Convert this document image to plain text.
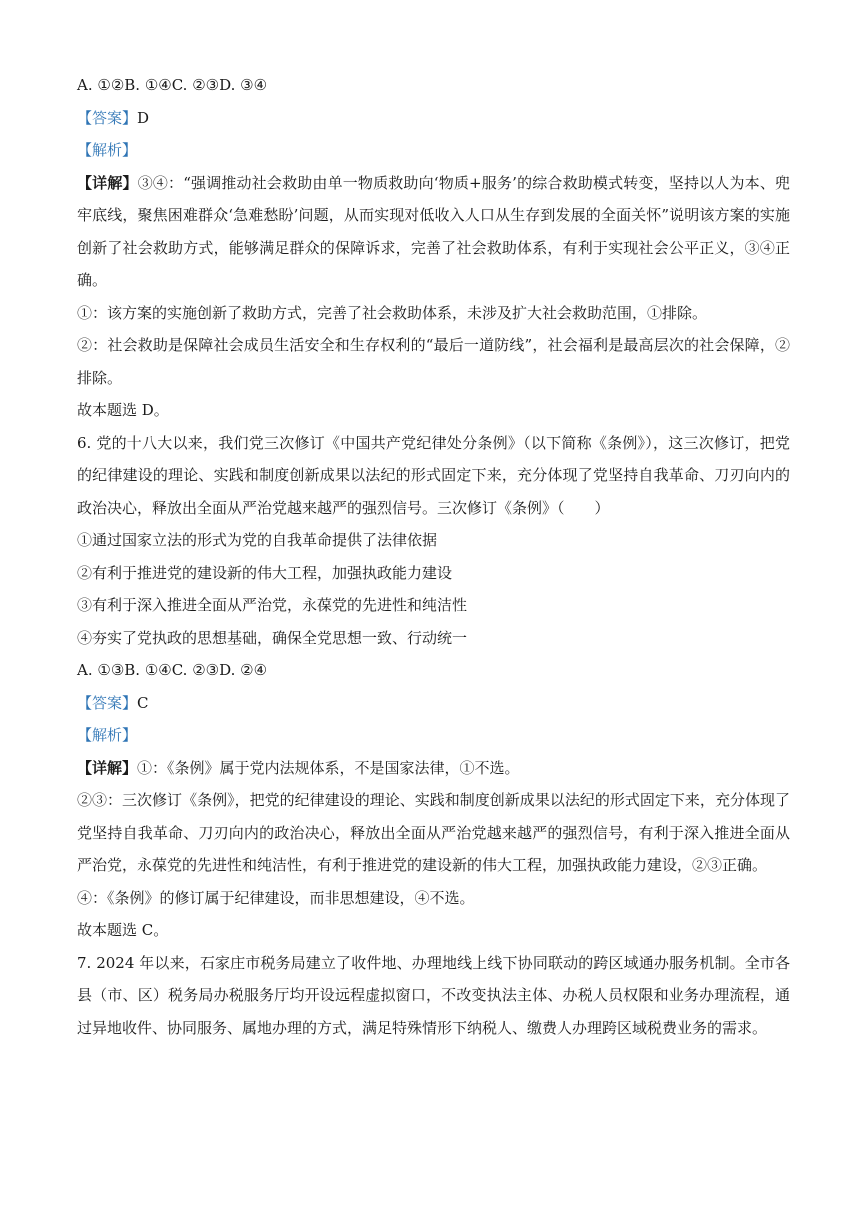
A. ①②B. ①④C. ②③D. ③④
【答案】D
【解析】

【详解】③④：“强调推动社会救助由单一物质救助向‘物质+服务’的综合救助模式转变，坚持以人为本、兜牢底线，聚焦困难群众‘急难愁盼’问题，从而实现对低收入人口从生存到发展的全面关怀”说明该方案的实施创新了社会救助方式，能够满足群众的保障诉求，完善了社会救助体系，有利于实现社会公平正义，③④正确。

①：该方案的实施创新了救助方式，完善了社会救助体系，未涉及扩大社会救助范围，①排除。

②：社会救助是保障社会成员生活安全和生存权利的“最后一道防线”，社会福利是最高层次的社会保障，②排除。

故本题选 D。

6. 党的十八大以来，我们党三次修订《中国共产党纪律处分条例》（以下简称《条例》），这三次修订，把党的纪律建设的理论、实践和制度创新成果以法纪的形式固定下来，充分体现了党坚持自我革命、刀刃向内的政治决心，释放出全面从严治党越来越严的强烈信号。三次修订《条例》（　　）

①通过国家立法的形式为党的自我革命提供了法律依据
②有利于推进党的建设新的伟大工程，加强执政能力建设
③有利于深入推进全面从严治党，永葆党的先进性和纯洁性
④夯实了党执政的思想基础，确保全党思想一致、行动统一
A. ①③B. ①④C. ②③D. ②④
【答案】C
【解析】

【详解】①：《条例》属于党内法规体系，不是国家法律，①不选。

②③：三次修订《条例》，把党的纪律建设的理论、实践和制度创新成果以法纪的形式固定下来，充分体现了党坚持自我革命、刀刃向内的政治决心，释放出全面从严治党越来越严的强烈信号，有利于深入推进全面从严治党，永葆党的先进性和纯洁性，有利于推进党的建设新的伟大工程，加强执政能力建设，②③正确。

④：《条例》的修订属于纪律建设，而非思想建设，④不选。

故本题选 C。

7. 2024 年以来，石家庄市税务局建立了收件地、办理地线上线下协同联动的跨区域通办服务机制。全市各县（市、区）税务局办税服务厅均开设远程虚拟窗口，不改变执法主体、办税人员权限和业务办理流程，通过异地收件、协同服务、属地办理的方式，满足特殊情形下纳税人、缴费人办理跨区域税费业务的需求。
